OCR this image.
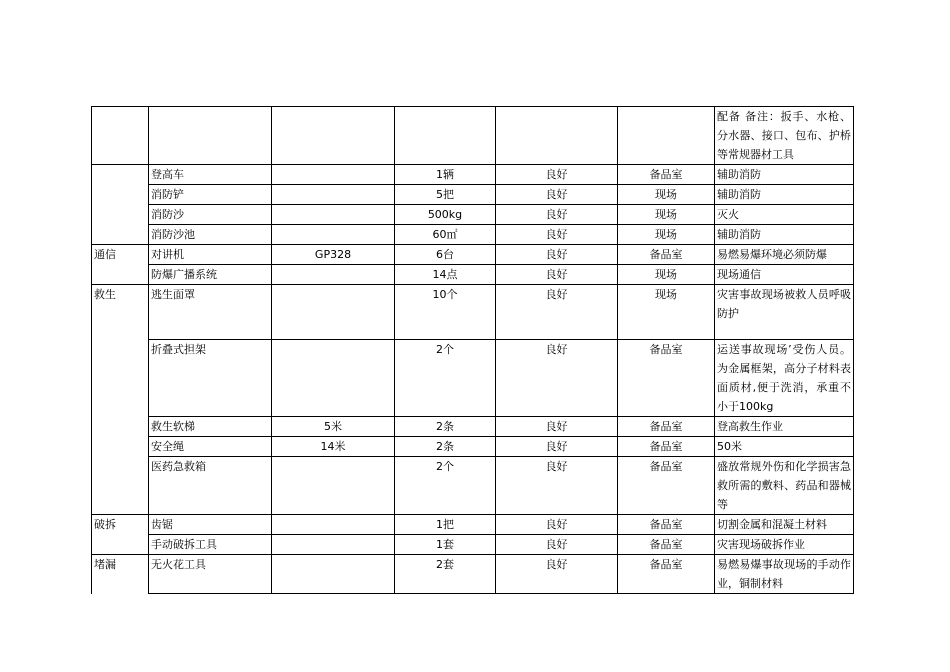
						配备 备注：扳手、水枪、分水器、接口、包布、护桥等常规器材工具
	登高车		1辆	良好	备品室	辅助消防
	消防铲		5把	良好	现场	辅助消防
	消防沙		500kg	良好	现场	灭火
	消防沙池		60㎡	良好	现场	辅助消防
通信	对讲机	GP328	6台	良好	备品室	易燃易爆环境必须防爆
	防爆广播系统		14点	良好	现场	现场通信
救生	逃生面罩		10个	良好	现场	灾害事故现场被救人员呼吸防护
	折叠式担架		2个	良好	备品室	运送事故现场’受伤人员。为金属框架，高分子材料表面质材,便于洗消，承重不小于100kg
	救生软梯	5米	2条	良好	备品室	登高救生作业
	安全绳	14米	2条	良好	备品室	50米
	医药急救箱		2个	良好	备品室	盛放常规外伤和化学损害急救所需的敷料、药品和器械等
破拆	齿锯		1把	良好	备品室	切割金属和混凝土材料
	手动破拆工具		1套	良好	备品室	灾害现场破拆作业
堵漏	无火花工具		2套	良好	备品室	易燃易爆事故现场的手动作业，铜制材料
